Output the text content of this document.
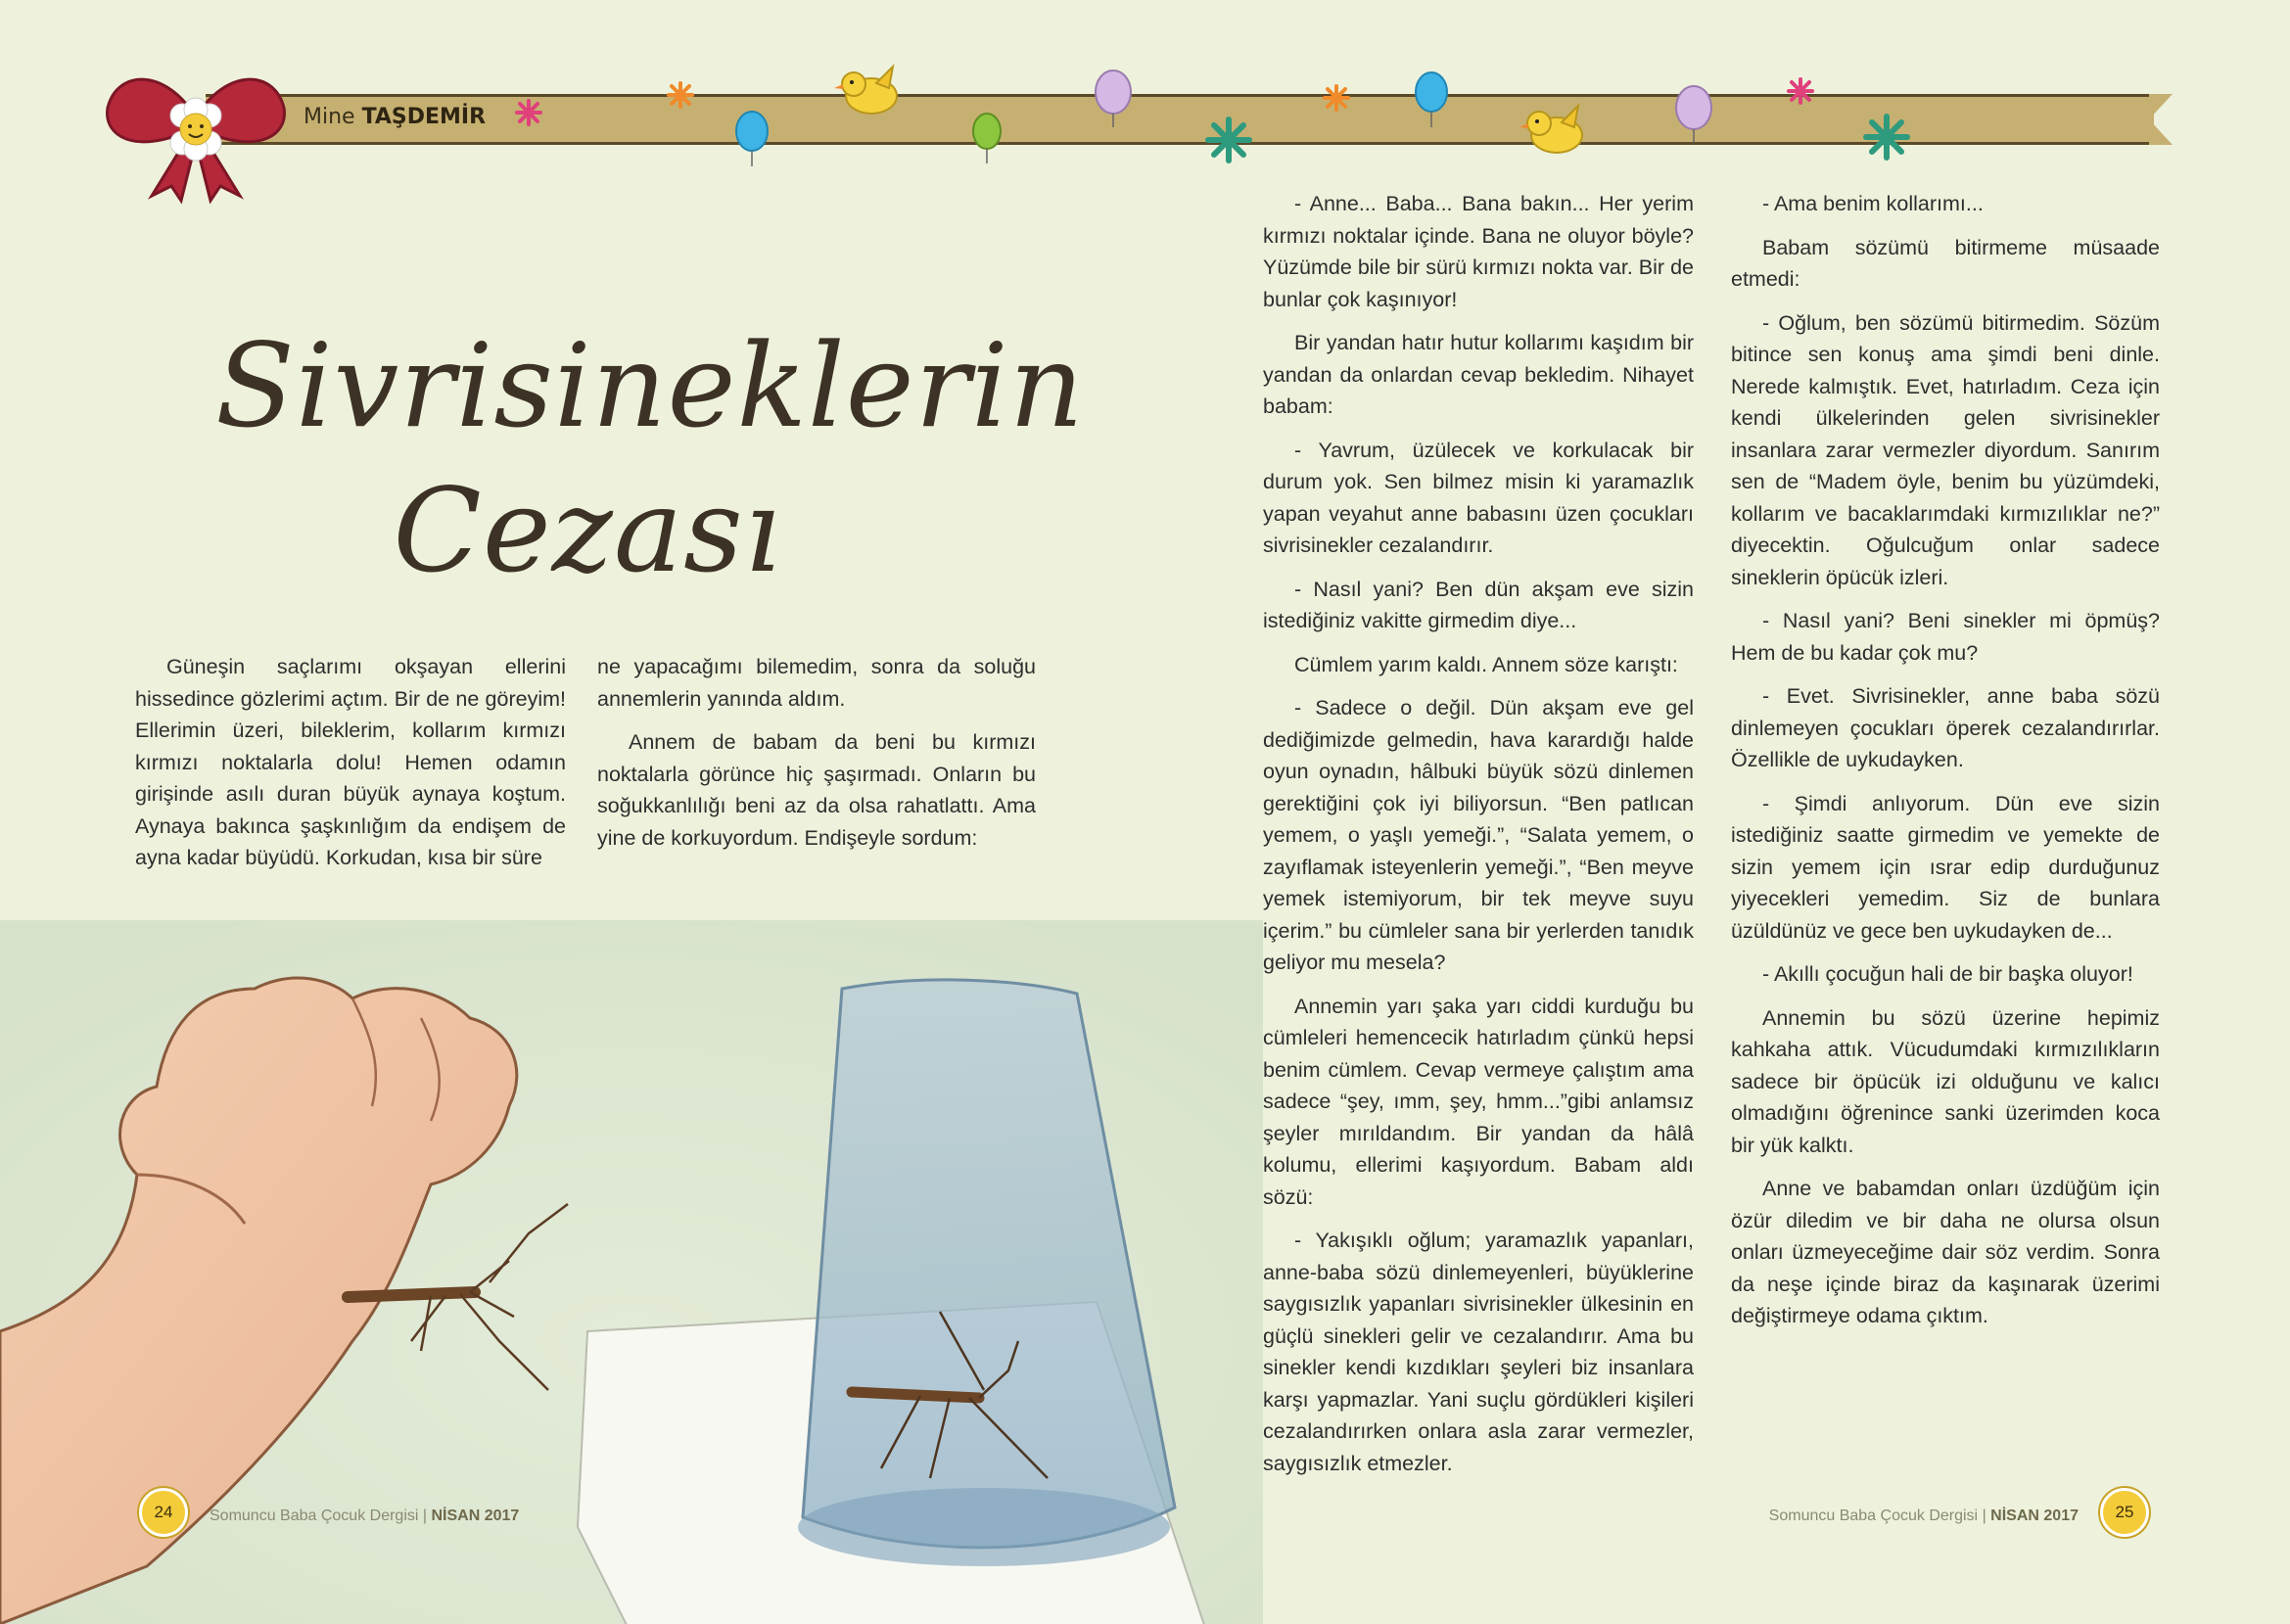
Mine TAŞDEMİR
Sivrisineklerin
Cezası

Güneşin saçlarımı okşayan ellerini hissedince gözlerimi açtım. Bir de ne göreyim! Ellerimin üzeri, bileklerim, kollarım kırmızı kırmızı noktalarla dolu! Hemen odamın girişinde asılı duran büyük aynaya koştum. Aynaya bakınca şaşkınlığım da endişem de ayna kadar büyüdü. Korkudan, kısa bir süre

ne yapacağımı bilemedim, sonra da soluğu annemlerin yanında aldım.

Annem de babam da beni bu kırmızı noktalarla görünce hiç şaşırmadı. Onların bu soğukkanlılığı beni az da olsa rahatlattı. Ama yine de korkuyordum. Endişeyle sordum:

- Anne... Baba... Bana bakın... Her yerim kırmızı noktalar içinde. Bana ne oluyor böyle? Yüzümde bile bir sürü kırmızı nokta var. Bir de bunlar çok kaşınıyor!

Bir yandan hatır hutur kollarımı kaşıdım bir yandan da onlardan cevap bekledim. Nihayet babam:

- Yavrum, üzülecek ve korkulacak bir durum yok. Sen bilmez misin ki yaramazlık yapan veyahut anne babasını üzen çocukları sivrisinekler cezalandırır.

- Nasıl yani? Ben dün akşam eve sizin istediğiniz vakitte girmedim diye...

Cümlem yarım kaldı. Annem söze karıştı:

- Sadece o değil. Dün akşam eve gel dediğimizde gelmedin, hava karardığı halde oyun oynadın, hâlbuki büyük sözü dinlemen gerektiğini çok iyi biliyorsun. “Ben patlıcan yemem, o yaşlı yemeği.”, “Salata yemem, o zayıflamak isteyenlerin yemeği.”, “Ben meyve yemek istemiyorum, bir tek meyve suyu içerim.” bu cümleler sana bir yerlerden tanıdık geliyor mu mesela?

Annemin yarı şaka yarı ciddi kurduğu bu cümleleri hemencecik hatırladım çünkü hepsi benim cümlem. Cevap vermeye çalıştım ama sadece “şey, ımm, şey, hmm...”gibi anlamsız şeyler mırıldandım. Bir yandan da hâlâ kolumu, ellerimi kaşıyordum. Babam aldı sözü:

- Yakışıklı oğlum; yaramazlık yapanları, anne-baba sözü dinlemeyenleri, büyüklerine saygısızlık yapanları sivrisinekler ülkesinin en güçlü sinekleri gelir ve cezalandırır. Ama bu sinekler kendi kızdıkları şeyleri biz insanlara karşı yapmazlar. Yani suçlu gördükleri kişileri cezalandırırken onlara asla zarar vermezler, saygısızlık etmezler.

- Ama benim kollarımı...

Babam sözümü bitirmeme müsaade etmedi:

- Oğlum, ben sözümü bitirmedim. Sözüm bitince sen konuş ama şimdi beni dinle. Nerede kalmıştık. Evet, hatırladım. Ceza için kendi ülkelerinden gelen sivrisinekler insanlara zarar vermezler diyordum. Sanırım sen de “Madem öyle, benim bu yüzümdeki, kollarım ve bacaklarımdaki kırmızılıklar ne?” diyecektin. Oğulcuğum onlar sadece sineklerin öpücük izleri.

- Nasıl yani? Beni sinekler mi öpmüş? Hem de bu kadar çok mu?

- Evet. Sivrisinekler, anne baba sözü dinlemeyen çocukları öperek cezalandırırlar. Özellikle de uykudayken.

- Şimdi anlıyorum. Dün eve sizin istediğiniz saatte girmedim ve yemekte de sizin yemem için ısrar edip durduğunuz yiyecekleri yemedim. Siz de bunlara üzüldünüz ve gece ben uykudayken de...

- Akıllı çocuğun hali de bir başka oluyor!

Annemin bu sözü üzerine hepimiz kahkaha attık. Vücudumdaki kırmızılıkların sadece bir öpücük izi olduğunu ve kalıcı olmadığını öğrenince sanki üzerimden koca bir yük kalktı.

Anne ve babamdan onları üzdüğüm için özür diledim ve bir daha ne olursa olsun onları üzmeyeceğime dair söz verdim. Sonra da neşe içinde biraz da kaşınarak üzerimi değiştirmeye odama çıktım.

24	Somuncu Baba Çocuk Dergisi | NİSAN 2017	Somuncu Baba Çocuk Dergisi | NİSAN 2017	25
